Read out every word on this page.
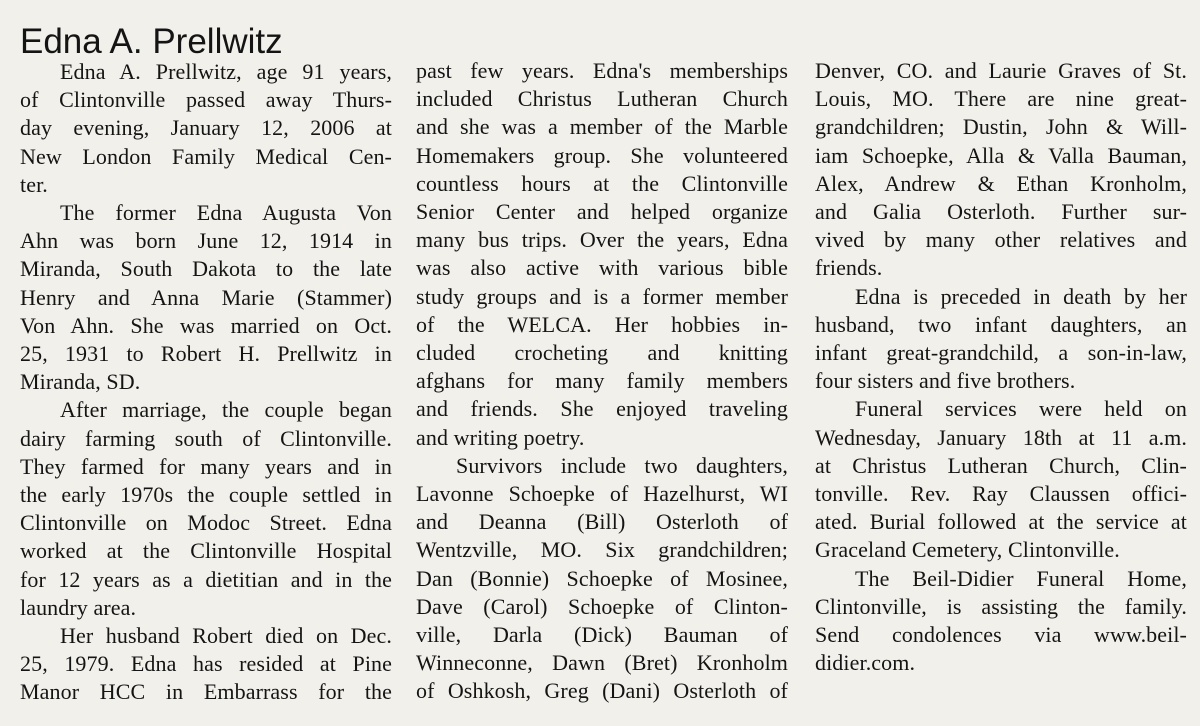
Edna A. Prellwitz
Edna A. Prellwitz, age 91 years,
of Clintonville passed away Thurs-
day evening, January 12, 2006 at
New London Family Medical Cen-
ter.
The former Edna Augusta Von
Ahn was born June 12, 1914 in
Miranda, South Dakota to the late
Henry and Anna Marie (Stammer)
Von Ahn. She was married on Oct.
25, 1931 to Robert H. Prellwitz in
Miranda, SD.
After marriage, the couple began
dairy farming south of Clintonville.
They farmed for many years and in
the early 1970s the couple settled in
Clintonville on Modoc Street. Edna
worked at the Clintonville Hospital
for 12 years as a dietitian and in the
laundry area.
Her husband Robert died on Dec.
25, 1979. Edna has resided at Pine
Manor HCC in Embarrass for the
past few years. Edna's memberships
included Christus Lutheran Church
and she was a member of the Marble
Homemakers group. She volunteered
countless hours at the Clintonville
Senior Center and helped organize
many bus trips. Over the years, Edna
was also active with various bible
study groups and is a former member
of the WELCA. Her hobbies in-
cluded crocheting and knitting
afghans for many family members
and friends. She enjoyed traveling
and writing poetry.
Survivors include two daughters,
Lavonne Schoepke of Hazelhurst, WI
and Deanna (Bill) Osterloth of
Wentzville, MO. Six grandchildren;
Dan (Bonnie) Schoepke of Mosinee,
Dave (Carol) Schoepke of Clinton-
ville, Darla (Dick) Bauman of
Winneconne, Dawn (Bret) Kronholm
of Oshkosh, Greg (Dani) Osterloth of
Denver, CO. and Laurie Graves of St.
Louis, MO. There are nine great-
grandchildren; Dustin, John & Will-
iam Schoepke, Alla & Valla Bauman,
Alex, Andrew & Ethan Kronholm,
and Galia Osterloth. Further sur-
vived by many other relatives and
friends.
Edna is preceded in death by her
husband, two infant daughters, an
infant great-grandchild, a son-in-law,
four sisters and five brothers.
Funeral services were held on
Wednesday, January 18th at 11 a.m.
at Christus Lutheran Church, Clin-
tonville. Rev. Ray Claussen offici-
ated. Burial followed at the service at
Graceland Cemetery, Clintonville.
The Beil-Didier Funeral Home,
Clintonville, is assisting the family.
Send condolences via www.beil-
didier.com.
